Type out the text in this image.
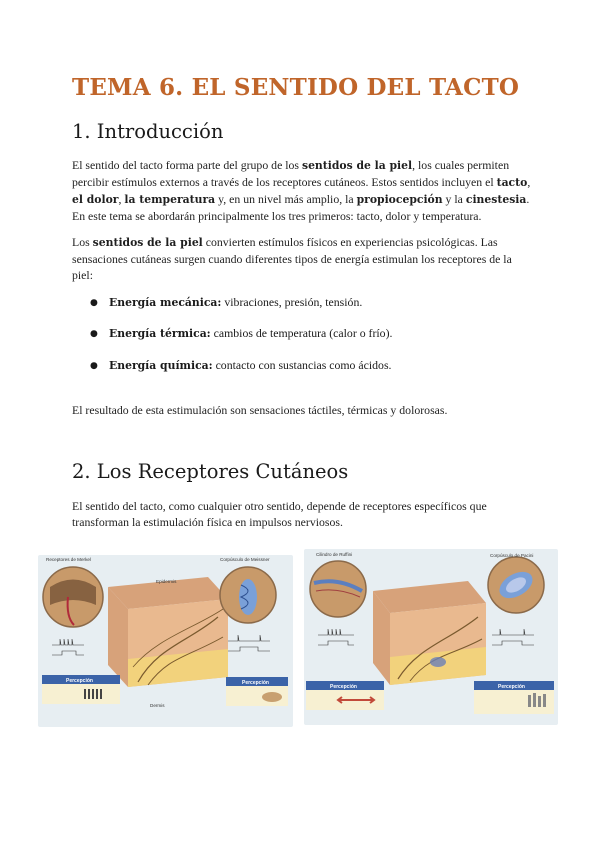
TEMA 6. EL SENTIDO DEL TACTO
1. Introducción

El sentido del tacto forma parte del grupo de los sentidos de la piel, los cuales permiten percibir estímulos externos a través de los receptores cutáneos. Estos sentidos incluyen el tacto, el dolor, la temperatura y, en un nivel más amplio, la propiocepción y la cinestesia. En este tema se abordarán principalmente los tres primeros: tacto, dolor y temperatura.

Los sentidos de la piel convierten estímulos físicos en experiencias psicológicas. Las sensaciones cutáneas surgen cuando diferentes tipos de energía estimulan los receptores de la piel:

● Energía mecánica: vibraciones, presión, tensión.

● Energía térmica: cambios de temperatura (calor o frío).

● Energía química: contacto con sustancias como ácidos.

El resultado de esta estimulación son sensaciones táctiles, térmicas y dolorosas.

2. Los Receptores Cutáneos

El sentido del tacto, como cualquier otro sentido, depende de receptores específicos que transforman la estimulación física en impulsos nerviosos.

Receptores de Merkel	Corpúsculo de Meissner
Epidermis
Dermis
Percepción	Percepción
Cilindro de Ruffini	Corpúsculo de Pacini
Percepción	Percepción
